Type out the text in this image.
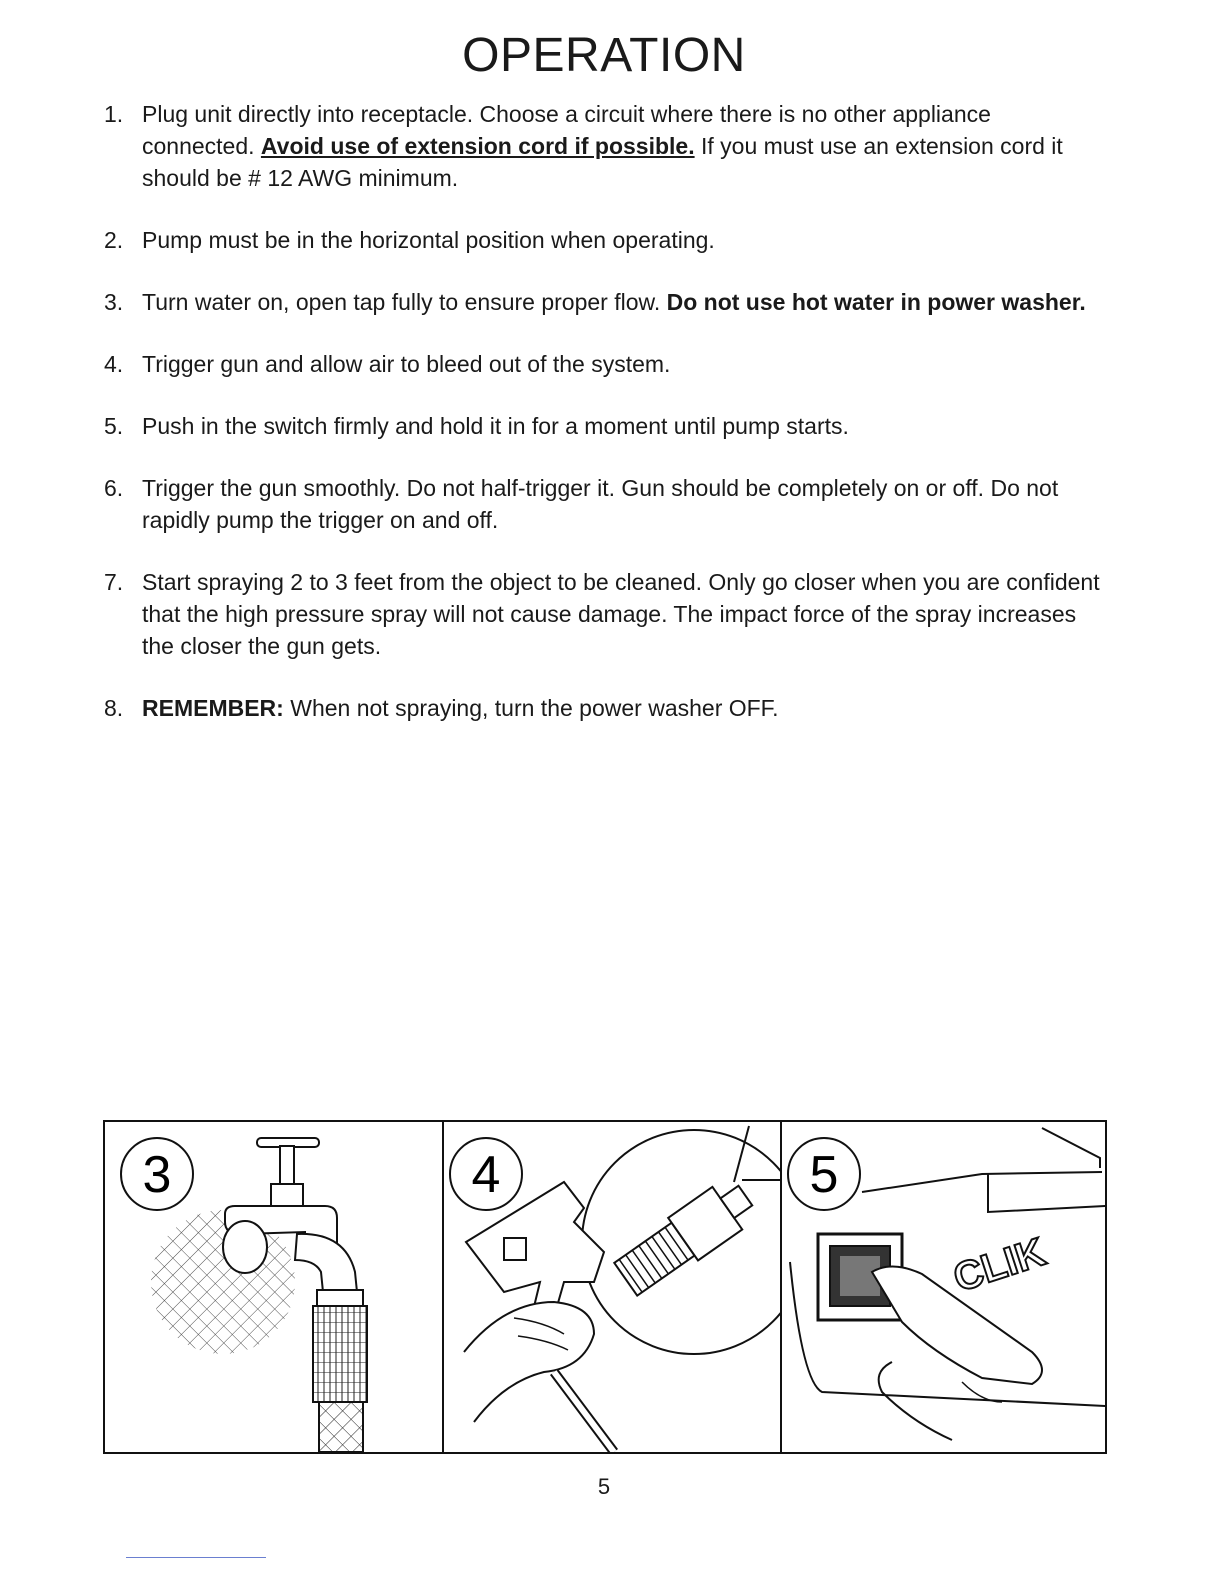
OPERATION
1. Plug unit directly into receptacle. Choose a circuit where there is no other appliance connected. Avoid use of extension cord if possible. If you must use an extension cord it should be # 12 AWG minimum.
2. Pump must be in the horizontal position when operating.
3. Turn water on, open tap fully to ensure proper flow. Do not use hot water in power washer.
4. Trigger gun and allow air to bleed out of the system.
5. Push in the switch firmly and hold it in for a moment until pump starts.
6. Trigger the gun smoothly. Do not half-trigger it. Gun should be completely on or off. Do not rapidly pump the trigger on and off.
7. Start spraying 2 to 3 feet from the object to be cleaned. Only go closer when you are confident that the high pressure spray will not cause damage. The impact force of the spray increases the closer the gun gets.
8. REMEMBER: When not spraying, turn the power washer OFF.
3	4	5
CLIK
5
